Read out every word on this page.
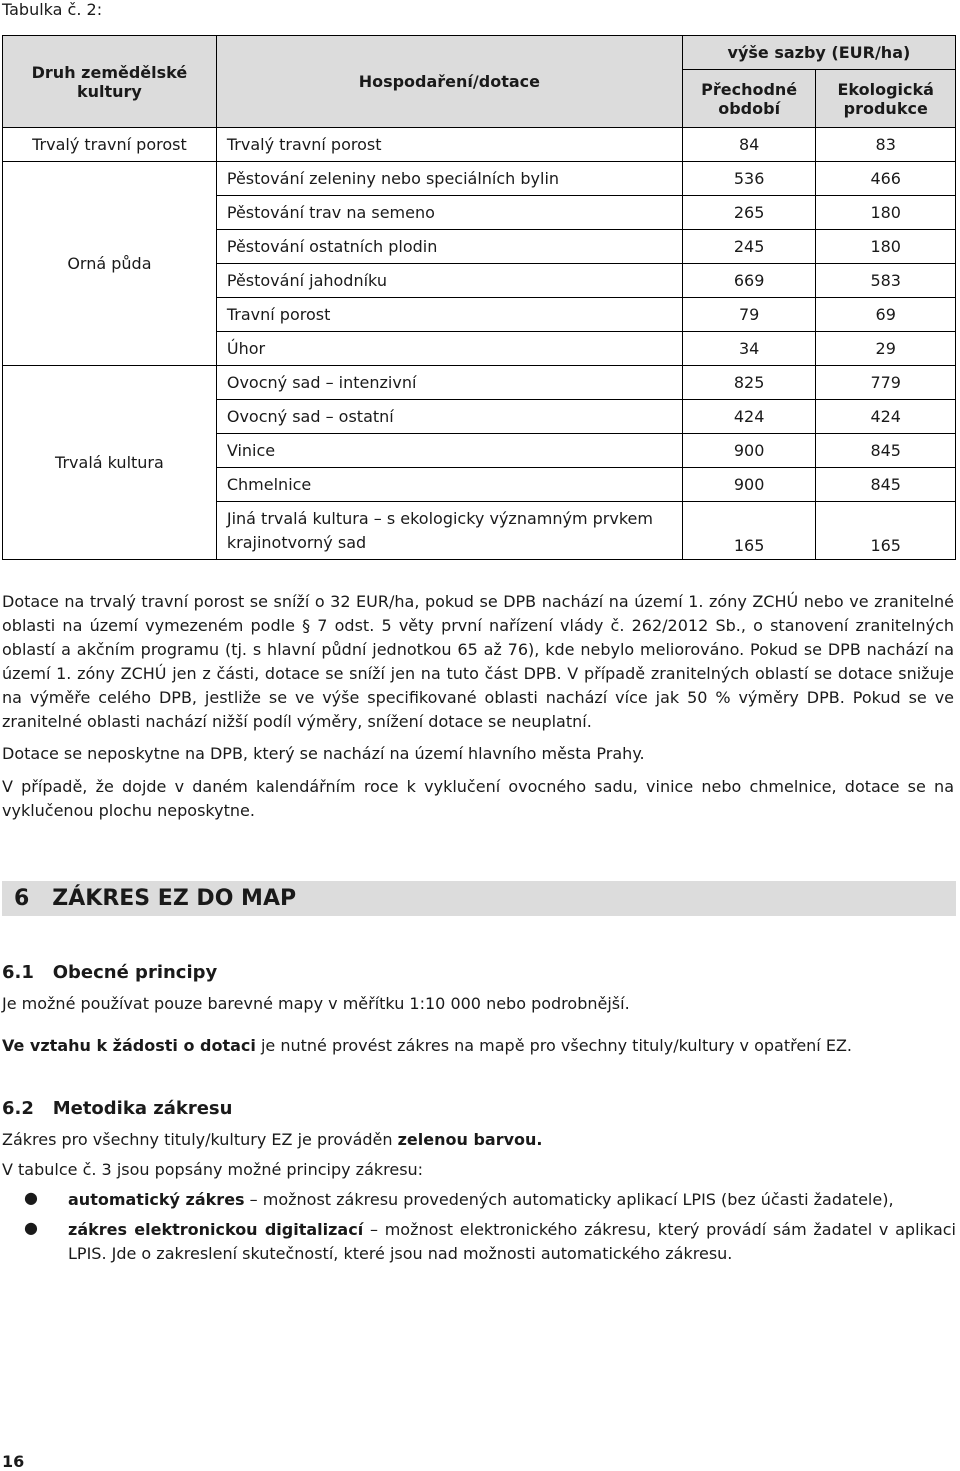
Tabulka č. 2:
Druh zemědělské kultury	Hospodaření/dotace	výše sazby (EUR/ha)	
		Přechodné období	Ekologická produkce
Trvalý travní porost	Trvalý travní porost	84	83
Orná půda	Pěstování zeleniny nebo speciálních bylin	536	466
	Pěstování trav na semeno	265	180
	Pěstování ostatních plodin	245	180
	Pěstování jahodníku	669	583
	Travní porost	79	69
	Úhor	34	29
Trvalá kultura	Ovocný sad – intenzivní	825	779
	Ovocný sad – ostatní	424	424
	Vinice	900	845
	Chmelnice	900	845
	Jiná trvalá kultura – s ekologicky významným prvkem krajinotvorný sad	165	165

Dotace na trvalý travní porost se sníží o 32 EUR/ha, pokud se DPB nachází na území 1. zóny ZCHÚ nebo ve zranitelné oblasti na území vymezeném podle § 7 odst. 5 věty první nařízení vlády č. 262/2012 Sb., o stanovení zranitelných oblastí a akčním programu (tj. s hlavní půdní jednotkou 65 až 76), kde nebylo meliorováno. Pokud se DPB nachází na území 1. zóny ZCHÚ jen z části, dotace se sníží jen na tuto část DPB. V případě zranitelných oblastí se dotace snižuje na výměře celého DPB, jestliže se ve výše specifikované oblasti nachází více jak 50 % výměry DPB. Pokud se ve zranitelné oblasti nachází nižší podíl výměry, snížení dotace se neuplatní.

Dotace se neposkytne na DPB, který se nachází na území hlavního města Prahy.

V případě, že dojde v daném kalendářním roce k vyklučení ovocného sadu, vinice nebo chmelnice, dotace se na vyklučenou plochu neposkytne.

6 ZÁKRES EZ DO MAP
6.1 Obecné principy
Je možné používat pouze barevné mapy v měřítku 1:10 000 nebo podrobnější.
Ve vztahu k žádosti o dotaci je nutné provést zákres na mapě pro všechny tituly/kultury v opatření EZ.
6.2 Metodika zákresu
Zákres pro všechny tituly/kultury EZ je prováděn zelenou barvou.
V tabulce č. 3 jsou popsány možné principy zákresu:
● automatický zákres – možnost zákresu provedených automaticky aplikací LPIS (bez účasti žadatele),
● zákres elektronickou digitalizací – možnost elektronického zákresu, který provádí sám žadatel v aplikaci LPIS. Jde o zakreslení skutečností, které jsou nad možnosti automatického zákresu.
16
